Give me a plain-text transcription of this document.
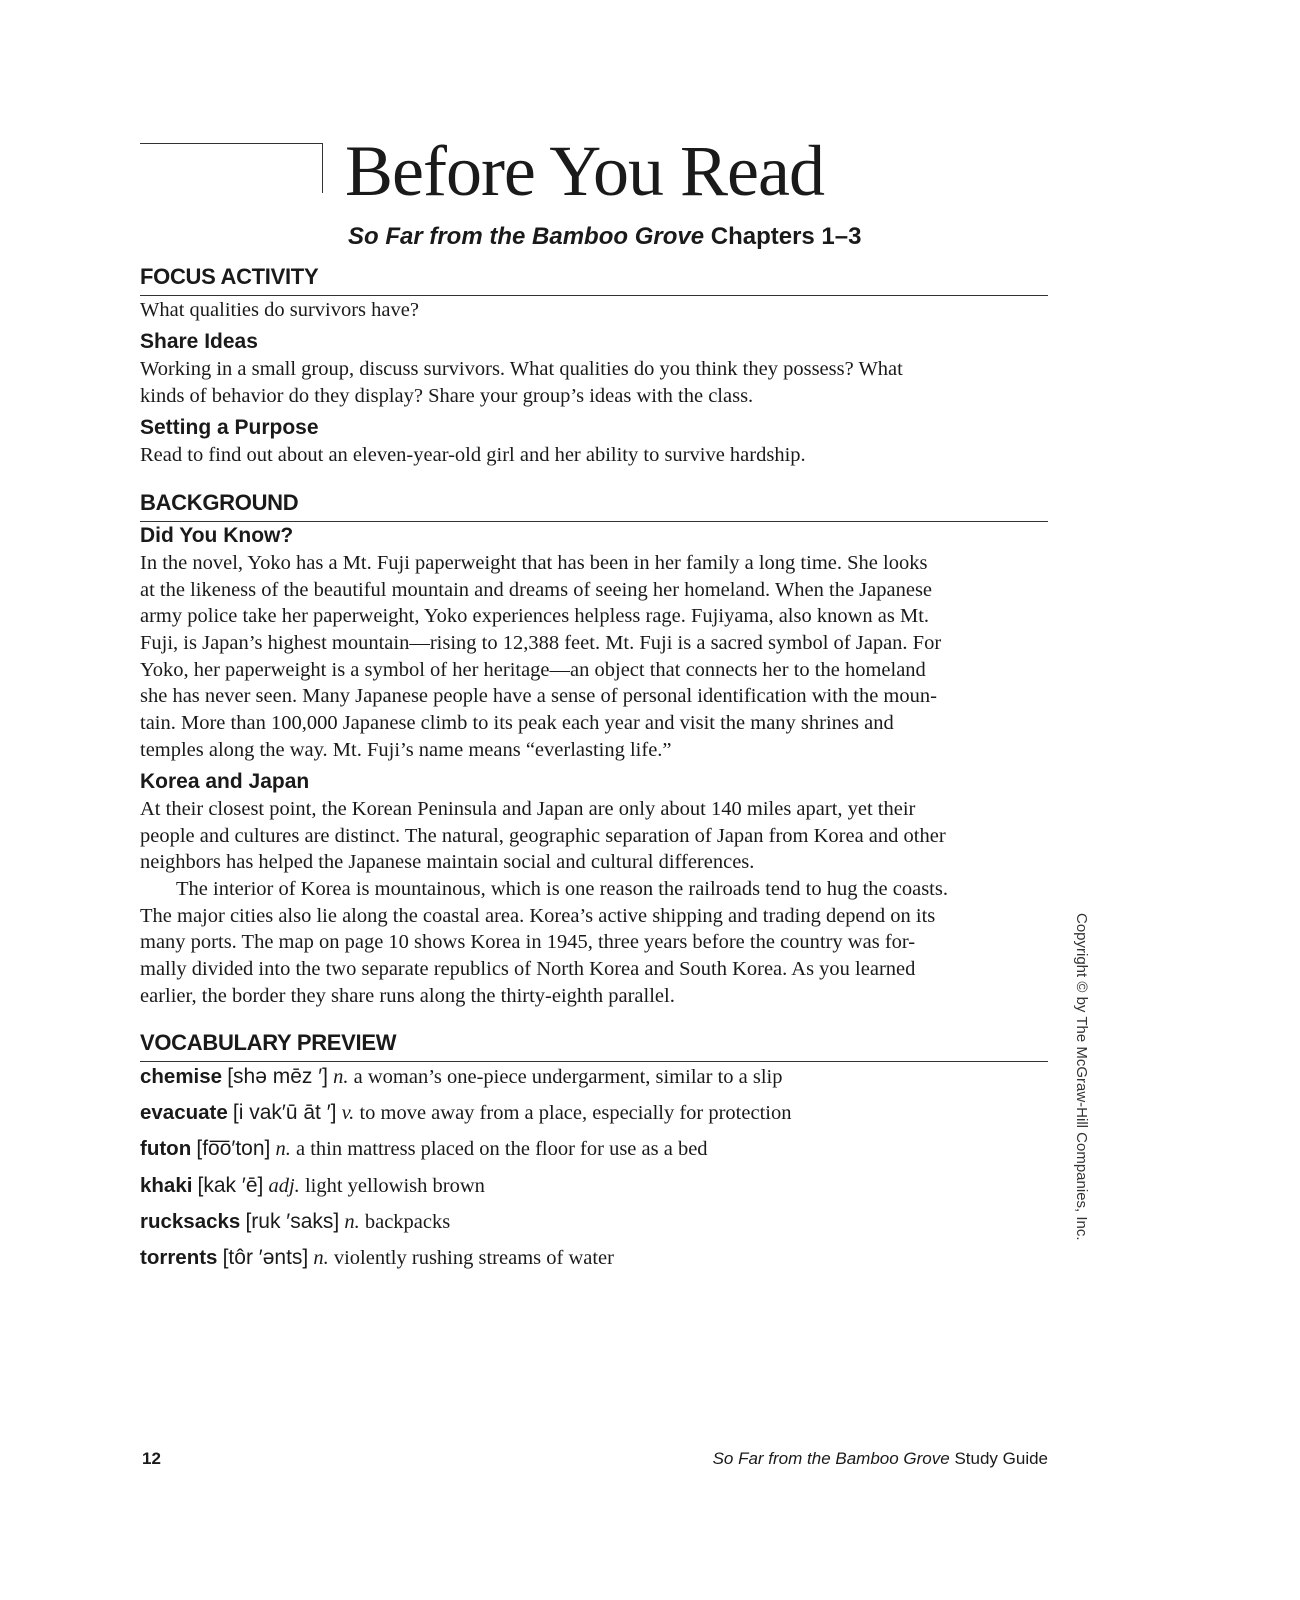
Before You Read
So Far from the Bamboo Grove Chapters 1–3
FOCUS ACTIVITY
What qualities do survivors have?
Share Ideas
Working in a small group, discuss survivors. What qualities do you think they possess? What
kinds of behavior do they display? Share your group’s ideas with the class.
Setting a Purpose
Read to find out about an eleven-year-old girl and her ability to survive hardship.
BACKGROUND
Did You Know?
In the novel, Yoko has a Mt. Fuji paperweight that has been in her family a long time. She looks
at the likeness of the beautiful mountain and dreams of seeing her homeland. When the Japanese
army police take her paperweight, Yoko experiences helpless rage. Fujiyama, also known as Mt.
Fuji, is Japan’s highest mountain—rising to 12,388 feet. Mt. Fuji is a sacred symbol of Japan. For
Yoko, her paperweight is a symbol of her heritage—an object that connects her to the homeland
she has never seen. Many Japanese people have a sense of personal identification with the moun-
tain. More than 100,000 Japanese climb to its peak each year and visit the many shrines and
temples along the way. Mt. Fuji’s name means “everlasting life.”
Korea and Japan
At their closest point, the Korean Peninsula and Japan are only about 140 miles apart, yet their
people and cultures are distinct. The natural, geographic separation of Japan from Korea and other
neighbors has helped the Japanese maintain social and cultural differences.
The interior of Korea is mountainous, which is one reason the railroads tend to hug the coasts.
The major cities also lie along the coastal area. Korea’s active shipping and trading depend on its
many ports. The map on page 10 shows Korea in 1945, three years before the country was for-
mally divided into the two separate republics of North Korea and South Korea. As you learned
earlier, the border they share runs along the thirty-eighth parallel.
VOCABULARY PREVIEW
chemise [shə mēz ′] n. a woman’s one-piece undergarment, similar to a slip
evacuate [i vak′ū āt ′] v. to move away from a place, especially for protection
futon [fo͞o′ton] n. a thin mattress placed on the floor for use as a bed
khaki [kak ′ē] adj. light yellowish brown
rucksacks [ruk ′saks] n. backpacks
torrents [tôr ′ənts] n. violently rushing streams of water
Copyright © by The McGraw-Hill Companies, Inc.
12	So Far from the Bamboo Grove Study Guide
